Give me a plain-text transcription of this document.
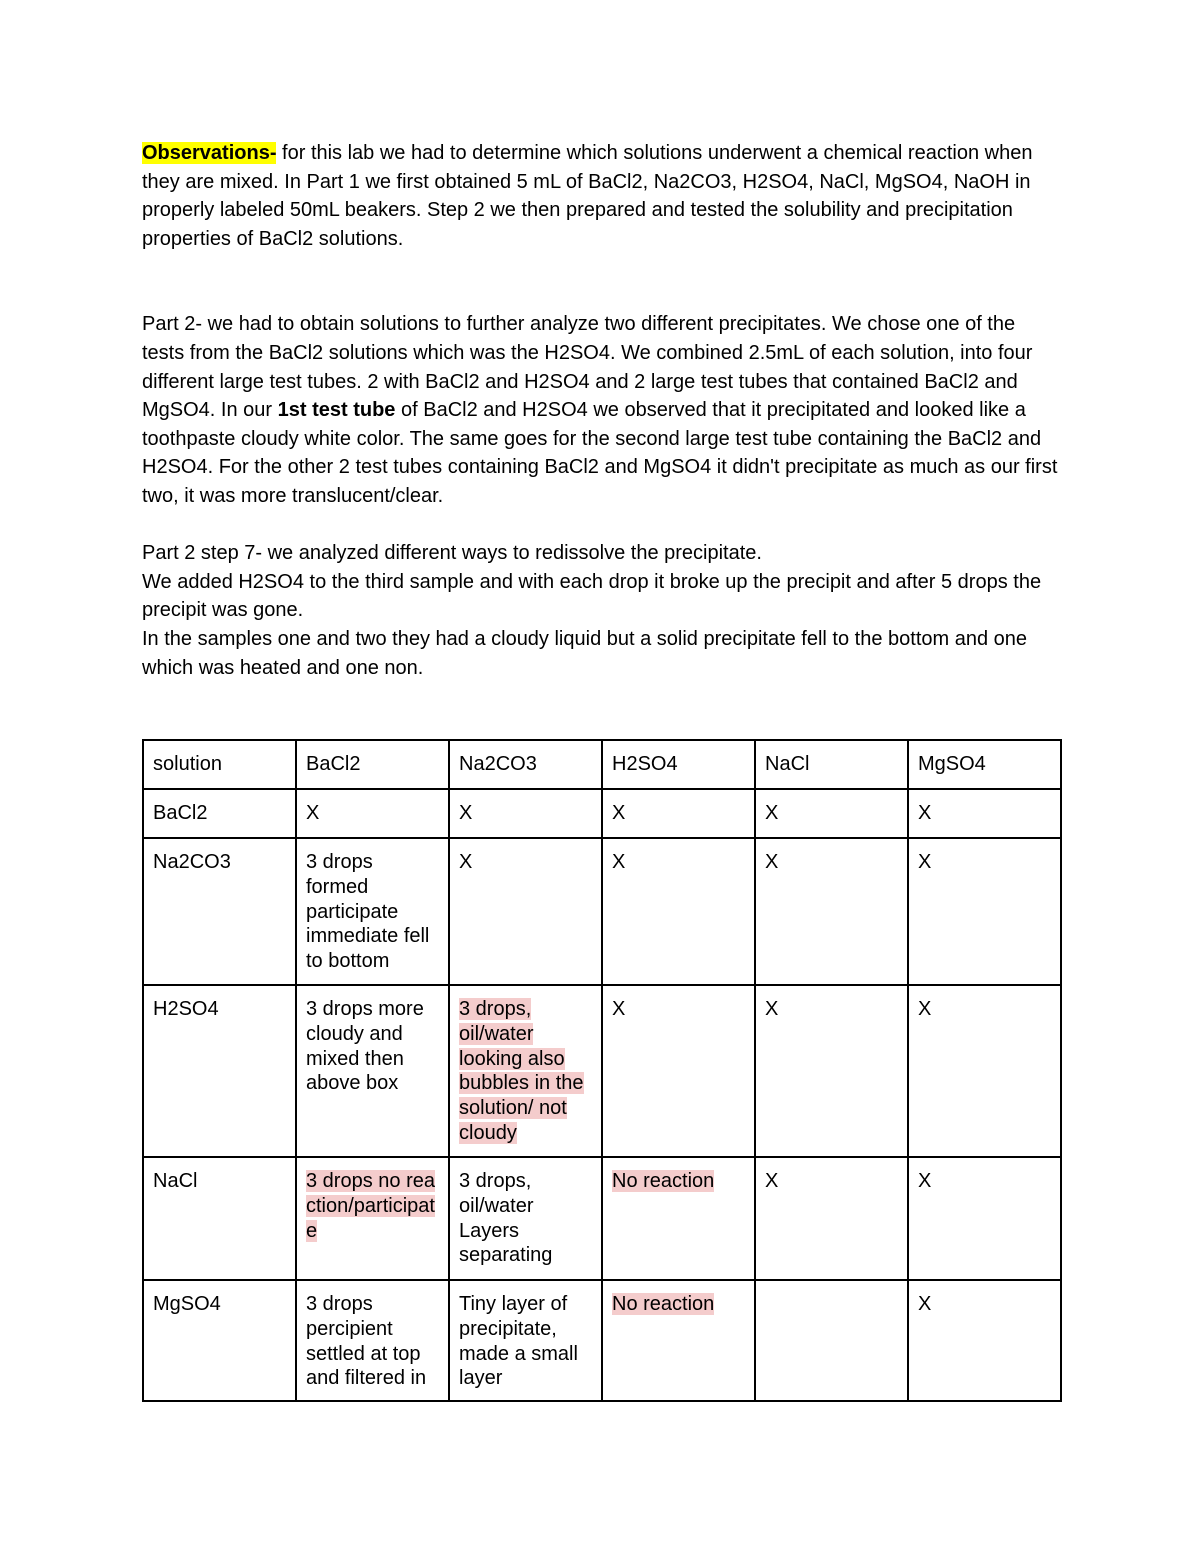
Observations- for this lab we had to determine which solutions underwent a chemical reaction when they are mixed. In Part 1 we first obtained 5 mL of BaCl2, Na2CO3, H2SO4, NaCl, MgSO4, NaOH in properly labeled 50mL beakers. Step 2 we then prepared and tested the solubility and precipitation properties of BaCl2 solutions.

Part 2- we had to obtain solutions to further analyze two different precipitates. We chose one of the tests from the BaCl2 solutions which was the H2SO4. We combined 2.5mL of each solution, into four different large test tubes. 2 with BaCl2 and H2SO4 and 2 large test tubes that contained BaCl2 and MgSO4. In our 1st test tube of BaCl2 and H2SO4 we observed that it precipitated and looked like a toothpaste cloudy white color. The same goes for the second large test tube containing the BaCl2 and H2SO4. For the other 2 test tubes containing BaCl2 and MgSO4 it didn't precipitate as much as our first two, it was more translucent/clear.

Part 2 step 7- we analyzed different ways to redissolve the precipitate.

We added H2SO4 to the third sample and with each drop it broke up the precipit and after 5 drops the precipit was gone.

In the samples one and two they had a cloudy liquid but a solid precipitate fell to the bottom and one which was heated and one non.

solution	BaCl2	Na2CO3	H2SO4	NaCl	MgSO4
BaCl2	X	X	X	X	X
Na2CO3	3 drops formed participate immediate fell to bottom	X	X	X	X
H2SO4	3 drops more cloudy and mixed then above box	3 drops, oil/water looking also bubbles in the solution/ not cloudy	X	X	X
NaCl	3 drops no reaction/participate	3 drops, oil/water Layers separating	No reaction	X	X
MgSO4	3 drops percipient settled at top and filtered in	Tiny layer of precipitate, made a small layer	No reaction		X
